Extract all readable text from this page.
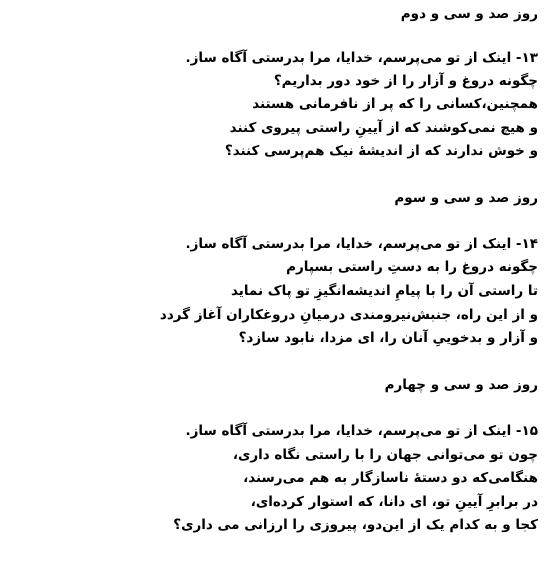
روز صد و سی و دوم
۱۳- اینک از تو می‌پرسم، خدایا، مرا بدرستی آگاه ساز.
چگونه دروغ و آزار را از خود دور بداریم؟
همچنین،کسانی را که پر از نافرمانی هستند
و هیچ نمی‌کوشند که از آیینِ راستی پیروی کنند
و خوش ندارند که از اندیشهٔ نیک هم‌پرسی کنند؟
روز صد و سی و سوم
۱۴- اینک از تو می‌پرسم، خدایا، مرا بدرستی آگاه ساز.
چگونه دروغ را به دستِ راستی بسپارم
تا راستی آن را با پیامِ اندیشه‌انگیزِ تو پاک نماید
و از این راه، جنبش‌نیرومندی درمیانِ دروغکاران آغاز گردد
و آزار و بدخوییِ آنان را، ای مزدا، نابود سازد؟
روز صد و سی و چهارم
۱۵- اینک از تو می‌پرسم، خدایا، مرا بدرستی آگاه ساز.
چون تو می‌توانی جهان را با راستی نگاه داری،
هنگامی‌که دو دستهٔ ناسازگار به هم می‌رسند،
در برابرِ آیینِ تو، ای دانا، که استوار کرده‌ای،
کجا و به کدام یک از این‌دو، پیروزی را ارزانی می داری؟
